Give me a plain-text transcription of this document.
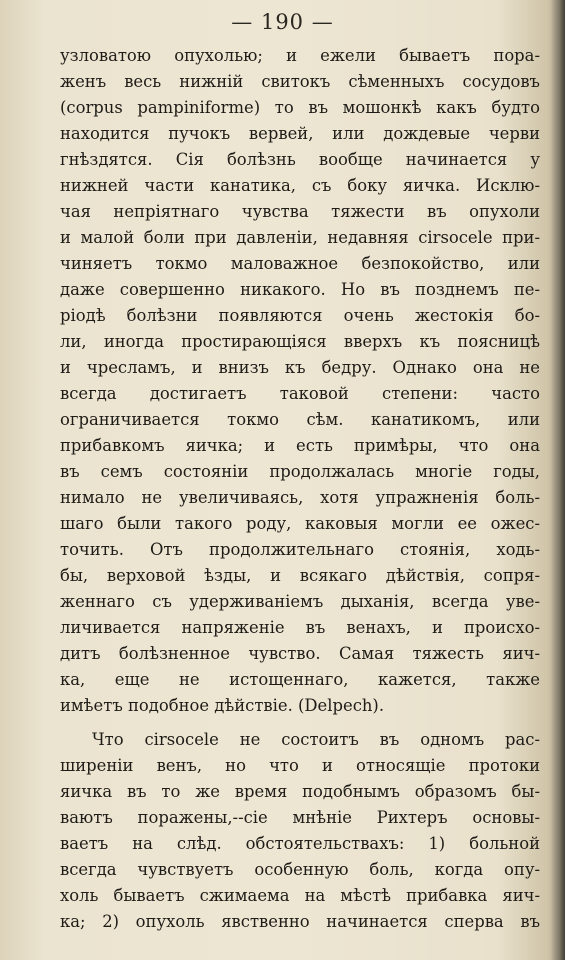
— 190 —
узловатою опухолью; и ежели бываетъ пора-
женъ весь нижній свитокъ сѣменныхъ сосудовъ
(corpus pampiniforme) то въ мошонкѣ какъ будто
находится пучокъ вервей, или дождевые черви
гнѣздятся. Сія болѣзнь вообще начинается у
нижней части канатика, съ боку яичка. Исклю-
чая непріятнаго чувства тяжести въ опухоли
и малой боли при давленіи, недавняя cirsocele при-
чиняетъ токмо маловажное безпокойство, или
даже совершенно никакого. Но въ позднемъ пе-
ріодѣ болѣзни появляются очень жестокія бо-
ли, иногда простирающіяся вверхъ къ поясницѣ
и чресламъ, и внизъ къ бедру. Однако она не
всегда достигаетъ таковой степени: часто
ограничивается токмо сѣм. канатикомъ, или
прибавкомъ яичка; и есть примѣры, что она
въ семъ состояніи продолжалась многіе годы,
нимало не увеличиваясь, хотя упражненія боль-
шаго были такого роду, каковыя могли ее ожес-
точить. Отъ продолжительнаго стоянія, ходь-
бы, верховой ѣзды, и всякаго дѣйствія, сопря-
женнаго съ удерживаніемъ дыханія, всегда уве-
личивается напряженіе въ венахъ, и происхо-
дитъ болѣзненное чувство. Самая тяжесть яич-
ка, еще не истощеннаго, кажется, также
имѣетъ подобное дѣйствіе. (Delpech).
Что cirsocele не состоитъ въ одномъ рас-
ширеніи венъ, но что и относящіе протоки
яичка въ то же время подобнымъ образомъ бы-
ваютъ поражены,--сіе мнѣніе Рихтеръ основы-
ваетъ на слѣд. обстоятельствахъ: 1) больной
всегда чувствуетъ особенную боль, когда опу-
холь бываетъ сжимаема на мѣстѣ прибавка яич-
ка; 2) опухоль явственно начинается сперва въ
